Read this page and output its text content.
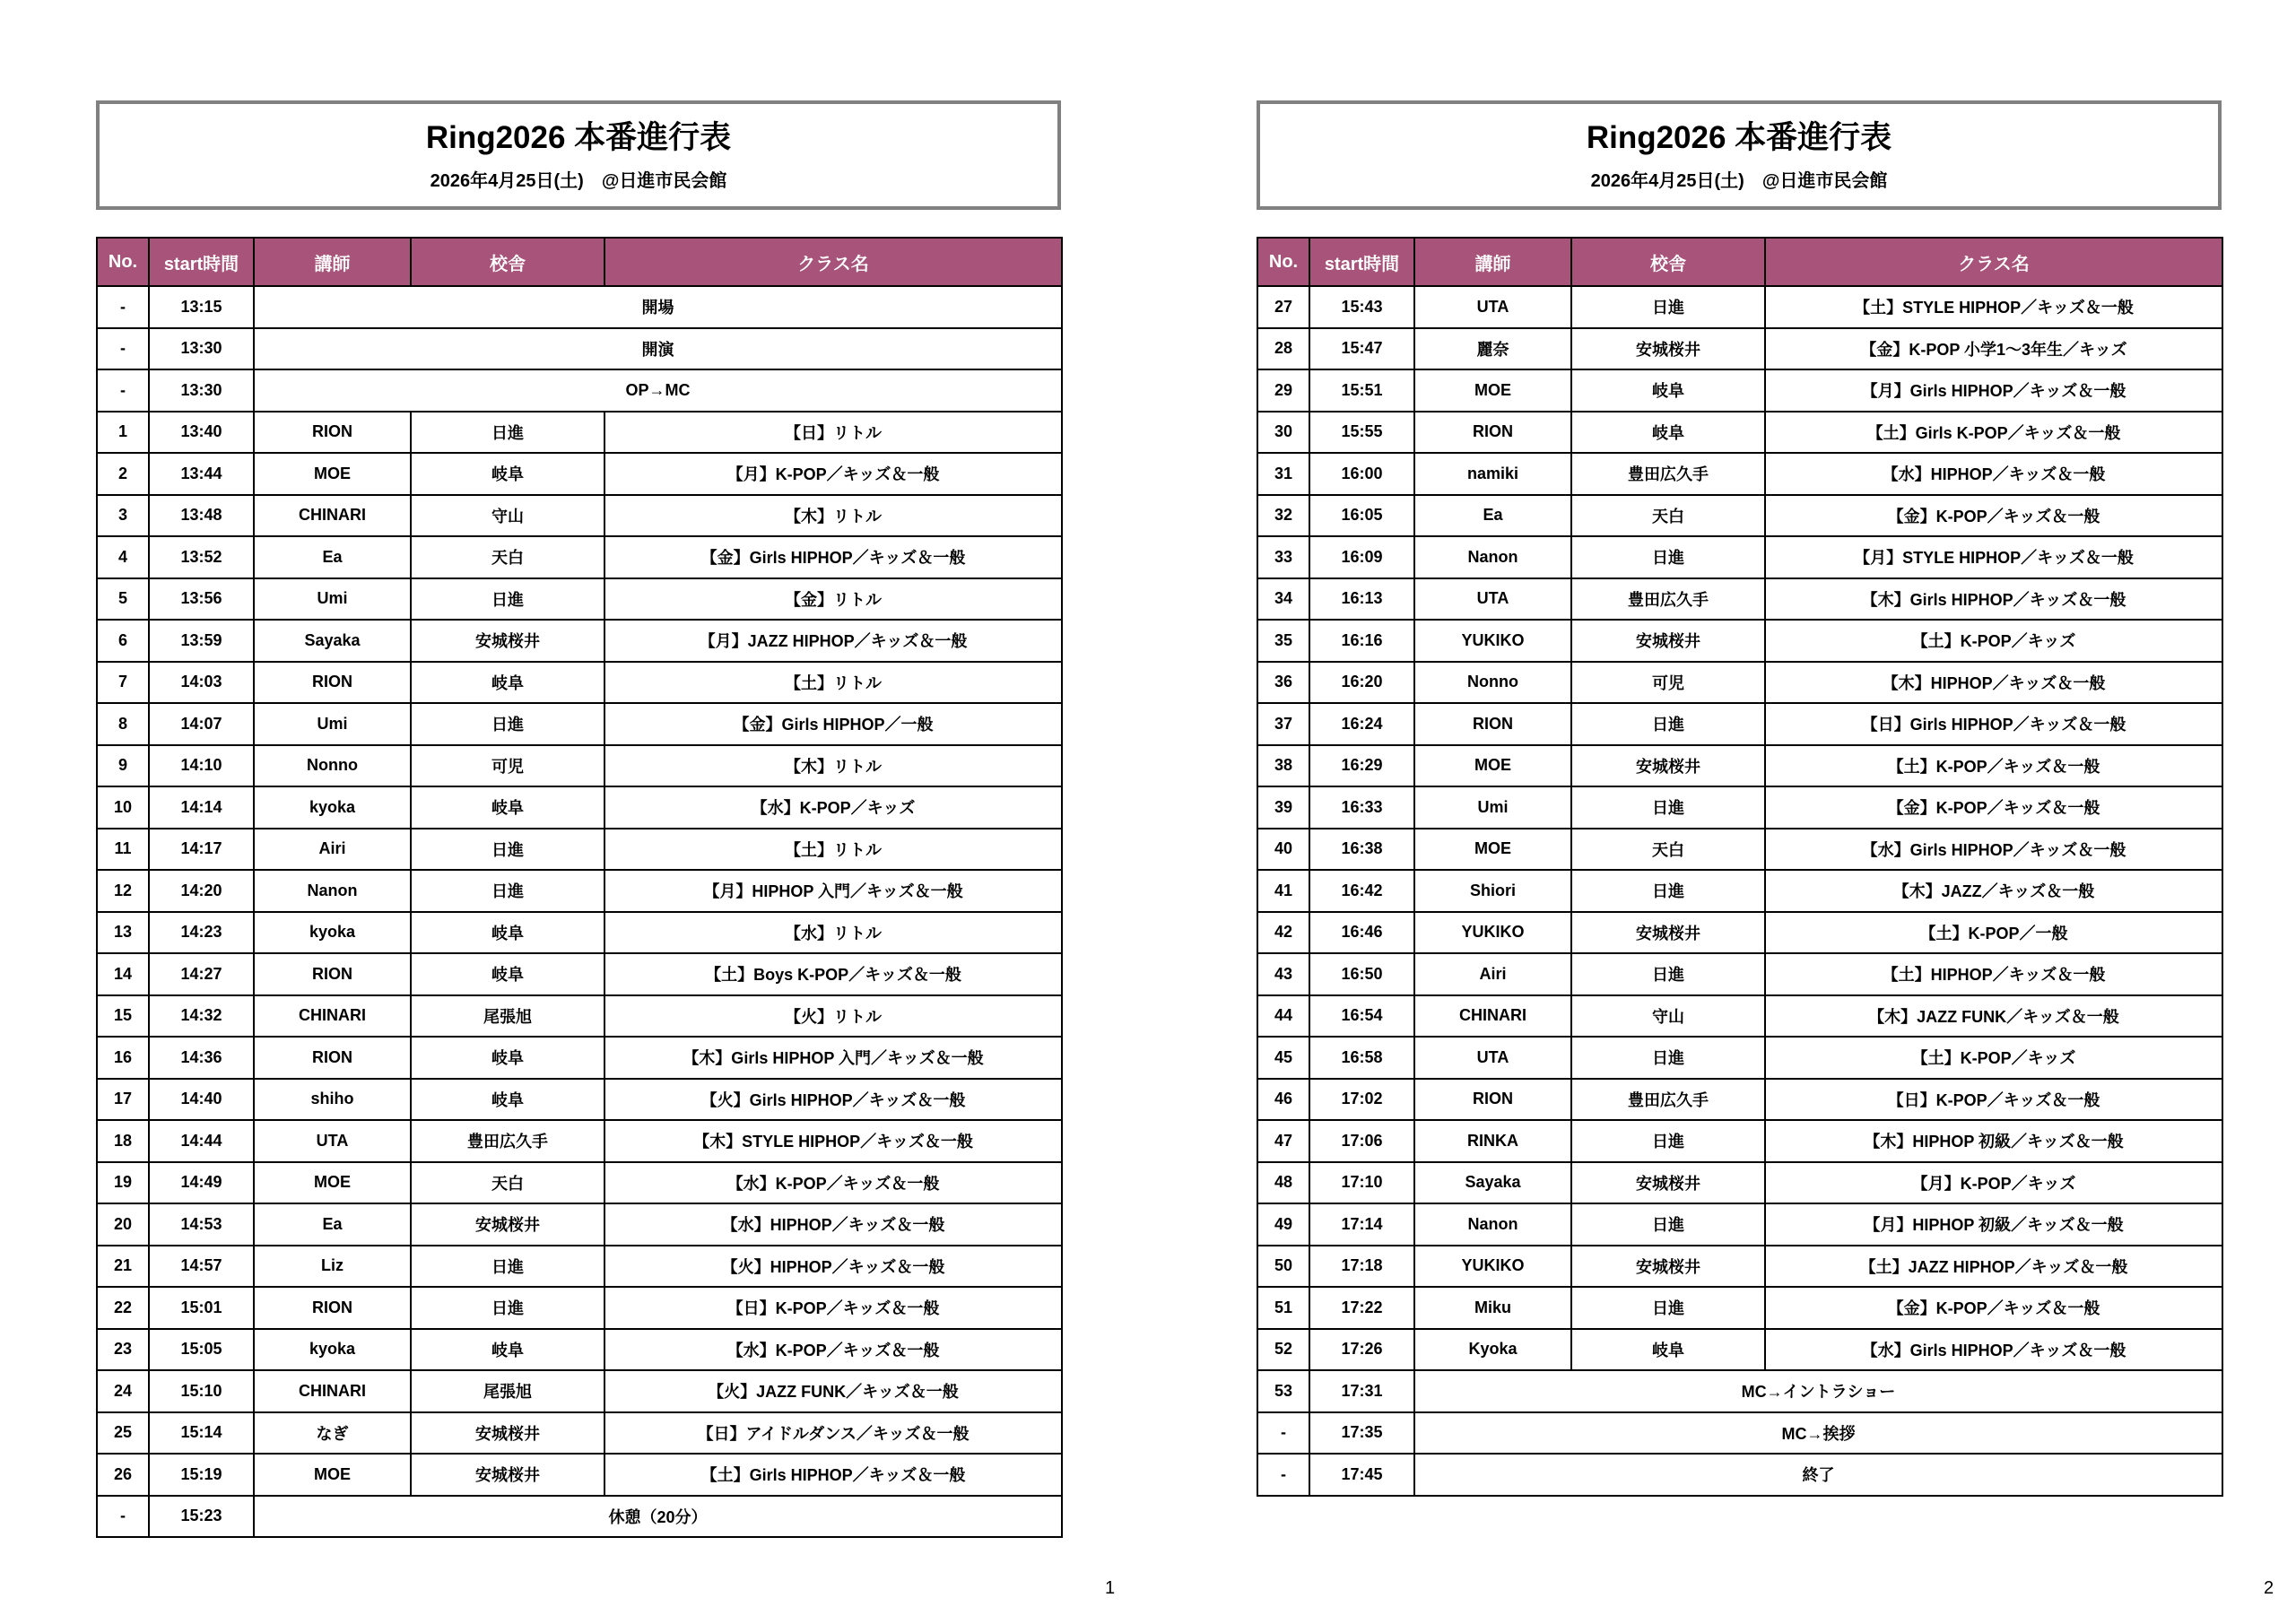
Ring2026 本番進行表
2026年4月25日(土)　@日進市民会館
No.	start時間	講師	校舎	クラス名
-	13:15	開場		
-	13:30	開演		
-	13:30	OP→MC		
1	13:40	RION	日進	【日】リトル
2	13:44	MOE	岐阜	【月】K-POP／キッズ＆一般
3	13:48	CHINARI	守山	【木】リトル
4	13:52	Ea	天白	【金】Girls HIPHOP／キッズ＆一般
5	13:56	Umi	日進	【金】リトル
6	13:59	Sayaka	安城桜井	【月】JAZZ HIPHOP／キッズ＆一般
7	14:03	RION	岐阜	【土】リトル
8	14:07	Umi	日進	【金】Girls HIPHOP／一般
9	14:10	Nonno	可児	【木】リトル
10	14:14	kyoka	岐阜	【水】K-POP／キッズ
11	14:17	Airi	日進	【土】リトル
12	14:20	Nanon	日進	【月】HIPHOP 入門／キッズ＆一般
13	14:23	kyoka	岐阜	【水】リトル
14	14:27	RION	岐阜	【土】Boys K-POP／キッズ＆一般
15	14:32	CHINARI	尾張旭	【火】リトル
16	14:36	RION	岐阜	【木】Girls HIPHOP 入門／キッズ＆一般
17	14:40	shiho	岐阜	【火】Girls HIPHOP／キッズ＆一般
18	14:44	UTA	豊田広久手	【木】STYLE HIPHOP／キッズ＆一般
19	14:49	MOE	天白	【水】K-POP／キッズ＆一般
20	14:53	Ea	安城桜井	【水】HIPHOP／キッズ＆一般
21	14:57	Liz	日進	【火】HIPHOP／キッズ＆一般
22	15:01	RION	日進	【日】K-POP／キッズ＆一般
23	15:05	kyoka	岐阜	【水】K-POP／キッズ＆一般
24	15:10	CHINARI	尾張旭	【火】JAZZ FUNK／キッズ＆一般
25	15:14	なぎ	安城桜井	【日】アイドルダンス／キッズ＆一般
26	15:19	MOE	安城桜井	【土】Girls HIPHOP／キッズ＆一般
-	15:23	休憩（20分）		
Ring2026 本番進行表
2026年4月25日(土)　@日進市民会館
No.	start時間	講師	校舎	クラス名
27	15:43	UTA	日進	【土】STYLE HIPHOP／キッズ＆一般
28	15:47	麗奈	安城桜井	【金】K-POP 小学1〜3年生／キッズ
29	15:51	MOE	岐阜	【月】Girls HIPHOP／キッズ＆一般
30	15:55	RION	岐阜	【土】Girls K-POP／キッズ＆一般
31	16:00	namiki	豊田広久手	【水】HIPHOP／キッズ＆一般
32	16:05	Ea	天白	【金】K-POP／キッズ＆一般
33	16:09	Nanon	日進	【月】STYLE HIPHOP／キッズ＆一般
34	16:13	UTA	豊田広久手	【木】Girls HIPHOP／キッズ＆一般
35	16:16	YUKIKO	安城桜井	【土】K-POP／キッズ
36	16:20	Nonno	可児	【木】HIPHOP／キッズ＆一般
37	16:24	RION	日進	【日】Girls HIPHOP／キッズ＆一般
38	16:29	MOE	安城桜井	【土】K-POP／キッズ＆一般
39	16:33	Umi	日進	【金】K-POP／キッズ＆一般
40	16:38	MOE	天白	【水】Girls HIPHOP／キッズ＆一般
41	16:42	Shiori	日進	【木】JAZZ／キッズ＆一般
42	16:46	YUKIKO	安城桜井	【土】K-POP／一般
43	16:50	Airi	日進	【土】HIPHOP／キッズ＆一般
44	16:54	CHINARI	守山	【木】JAZZ FUNK／キッズ＆一般
45	16:58	UTA	日進	【土】K-POP／キッズ
46	17:02	RION	豊田広久手	【日】K-POP／キッズ＆一般
47	17:06	RINKA	日進	【木】HIPHOP 初級／キッズ＆一般
48	17:10	Sayaka	安城桜井	【月】K-POP／キッズ
49	17:14	Nanon	日進	【月】HIPHOP 初級／キッズ＆一般
50	17:18	YUKIKO	安城桜井	【土】JAZZ HIPHOP／キッズ＆一般
51	17:22	Miku	日進	【金】K-POP／キッズ＆一般
52	17:26	Kyoka	岐阜	【水】Girls HIPHOP／キッズ＆一般
53	17:31	MC→イントラショー		
-	17:35	MC→挨拶		
-	17:45	終了		
1	2
